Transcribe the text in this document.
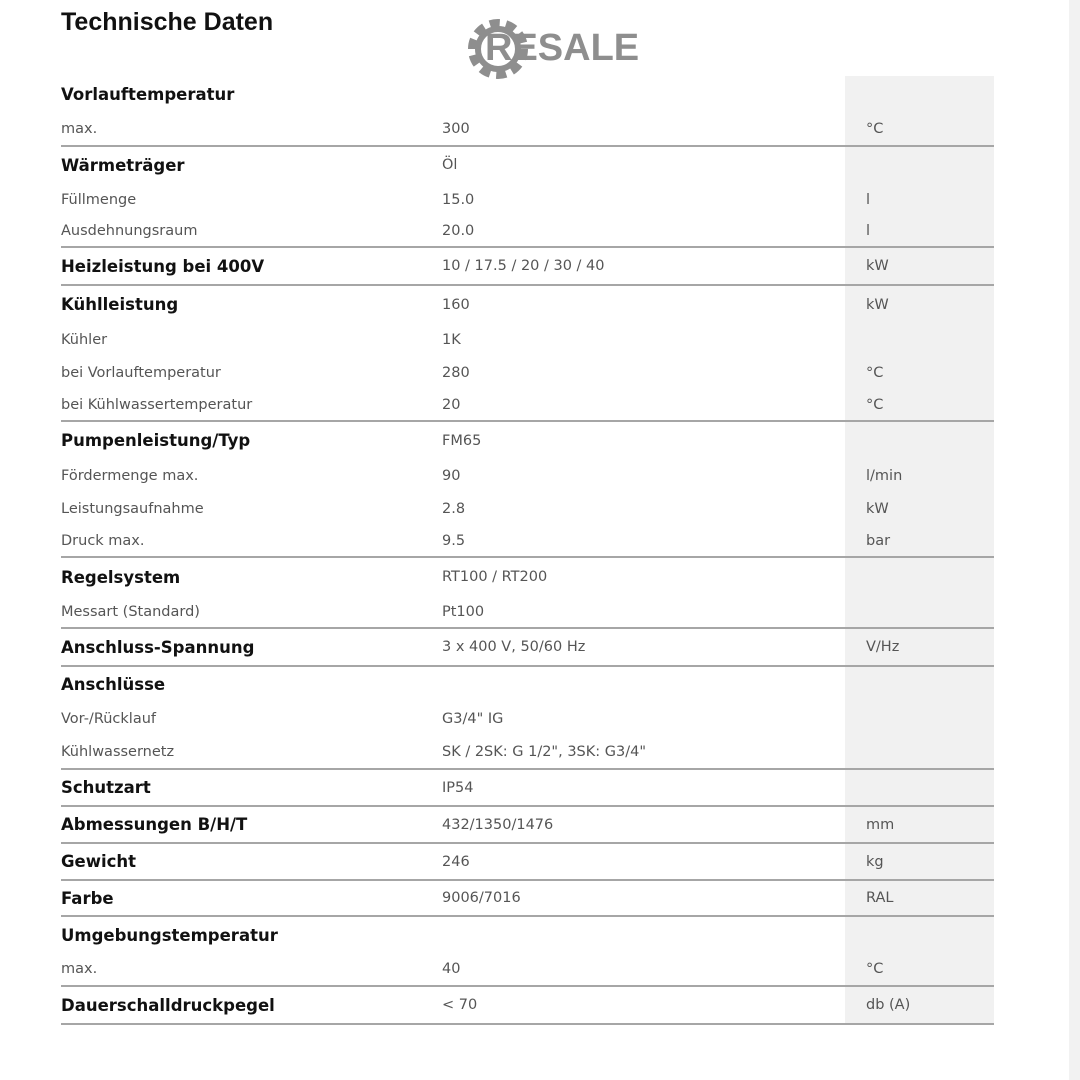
Technische Daten
RESALE
Vorlauftemperatur
max.	300	°C
Wärmeträger	Öl
Füllmenge	15.0	l
Ausdehnungsraum	20.0	l
Heizleistung bei 400V	10 / 17.5 / 20 / 30 / 40	kW
Kühlleistung	160	kW
Kühler	1K
bei Vorlauftemperatur	280	°C
bei Kühlwassertemperatur	20	°C
Pumpenleistung/Typ	FM65
Fördermenge max.	90	l/min
Leistungsaufnahme	2.8	kW
Druck max.	9.5	bar
Regelsystem	RT100 / RT200
Messart (Standard)	Pt100
Anschluss-Spannung	3 x 400 V, 50/60 Hz	V/Hz
Anschlüsse
Vor-/Rücklauf	G3/4" IG
Kühlwassernetz	SK / 2SK: G 1/2", 3SK: G3/4"
Schutzart	IP54
Abmessungen B/H/T	432/1350/1476	mm
Gewicht	246	kg
Farbe	9006/7016	RAL
Umgebungstemperatur
max.	40	°C
Dauerschalldruckpegel	< 70	db (A)
